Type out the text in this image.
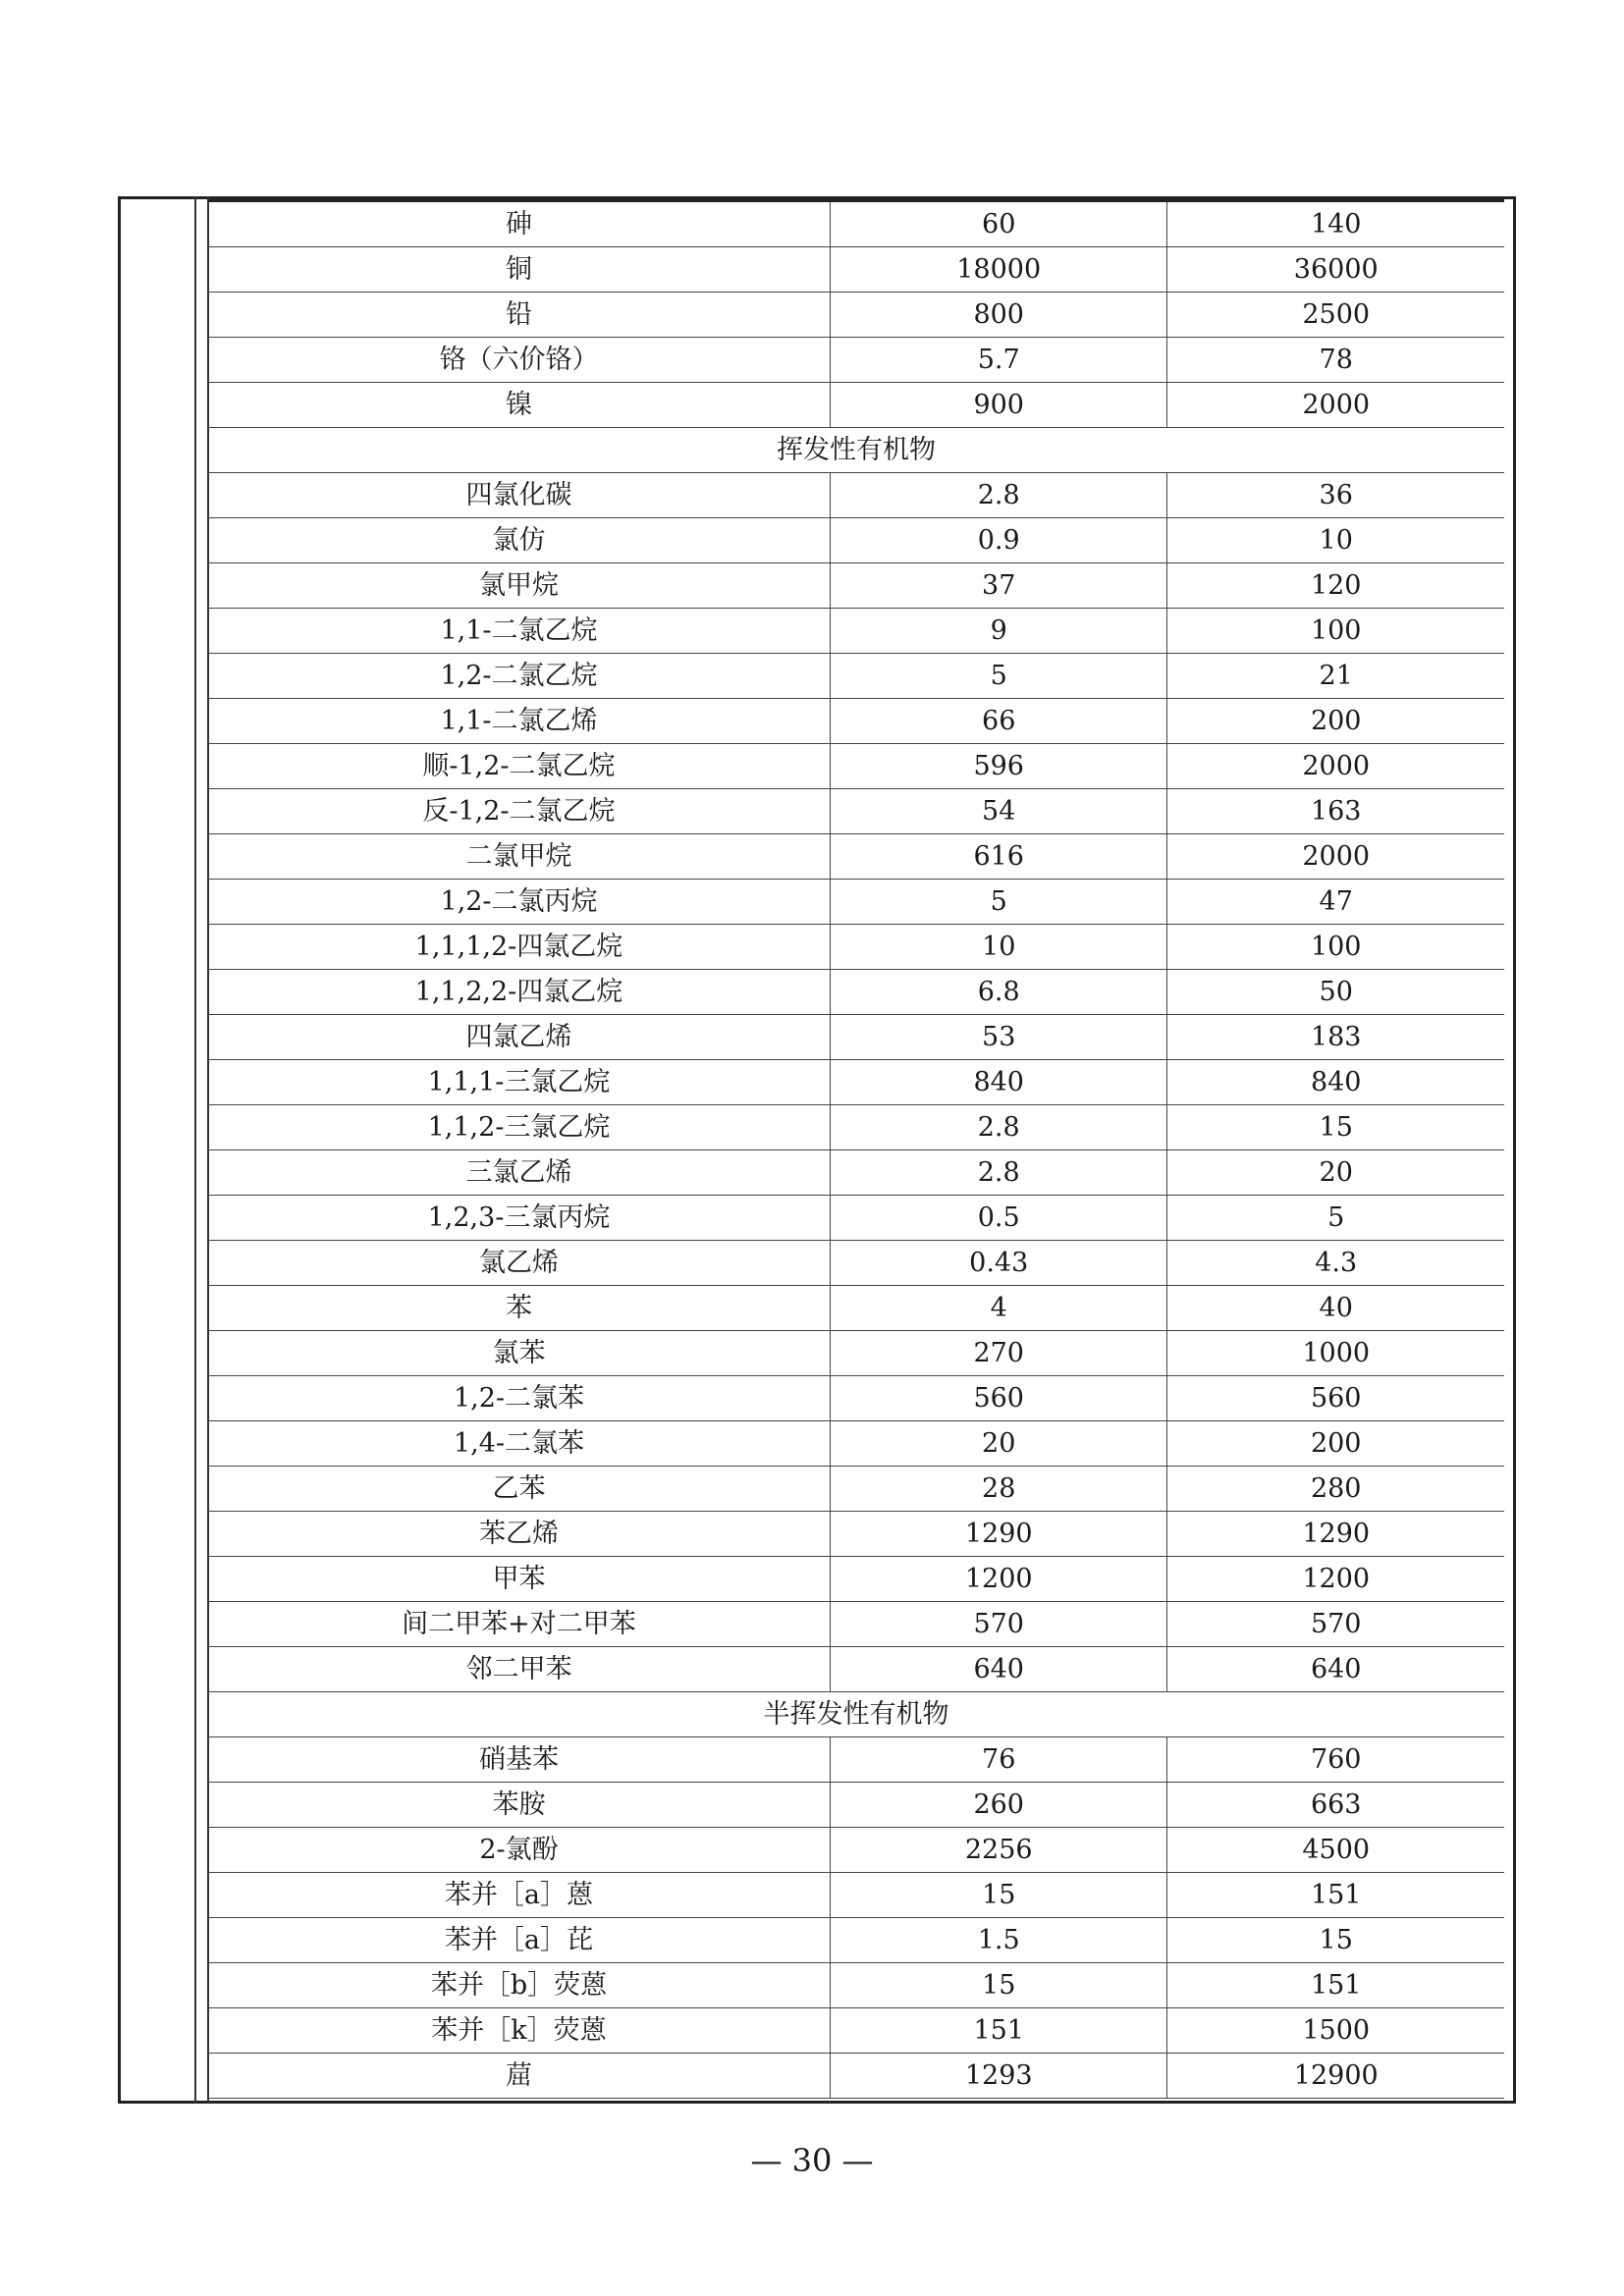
砷	60	140
铜	18000	36000
铅	800	2500
铬（六价铬）	5.7	78
镍	900	2000
挥发性有机物		
四氯化碳	2.8	36
氯仿	0.9	10
氯甲烷	37	120
1,1-二氯乙烷	9	100
1,2-二氯乙烷	5	21
1,1-二氯乙烯	66	200
顺-1,2-二氯乙烷	596	2000
反-1,2-二氯乙烷	54	163
二氯甲烷	616	2000
1,2-二氯丙烷	5	47
1,1,1,2-四氯乙烷	10	100
1,1,2,2-四氯乙烷	6.8	50
四氯乙烯	53	183
1,1,1-三氯乙烷	840	840
1,1,2-三氯乙烷	2.8	15
三氯乙烯	2.8	20
1,2,3-三氯丙烷	0.5	5
氯乙烯	0.43	4.3
苯	4	40
氯苯	270	1000
1,2-二氯苯	560	560
1,4-二氯苯	20	200
乙苯	28	280
苯乙烯	1290	1290
甲苯	1200	1200
间二甲苯+对二甲苯	570	570
邻二甲苯	640	640
半挥发性有机物		
硝基苯	76	760
苯胺	260	663
2-氯酚	2256	4500
苯并［a］蒽	15	151
苯并［a］芘	1.5	15
苯并［b］荧蒽	15	151
苯并［k］荧蒽	151	1500
䓛	1293	12900
— 30 —
